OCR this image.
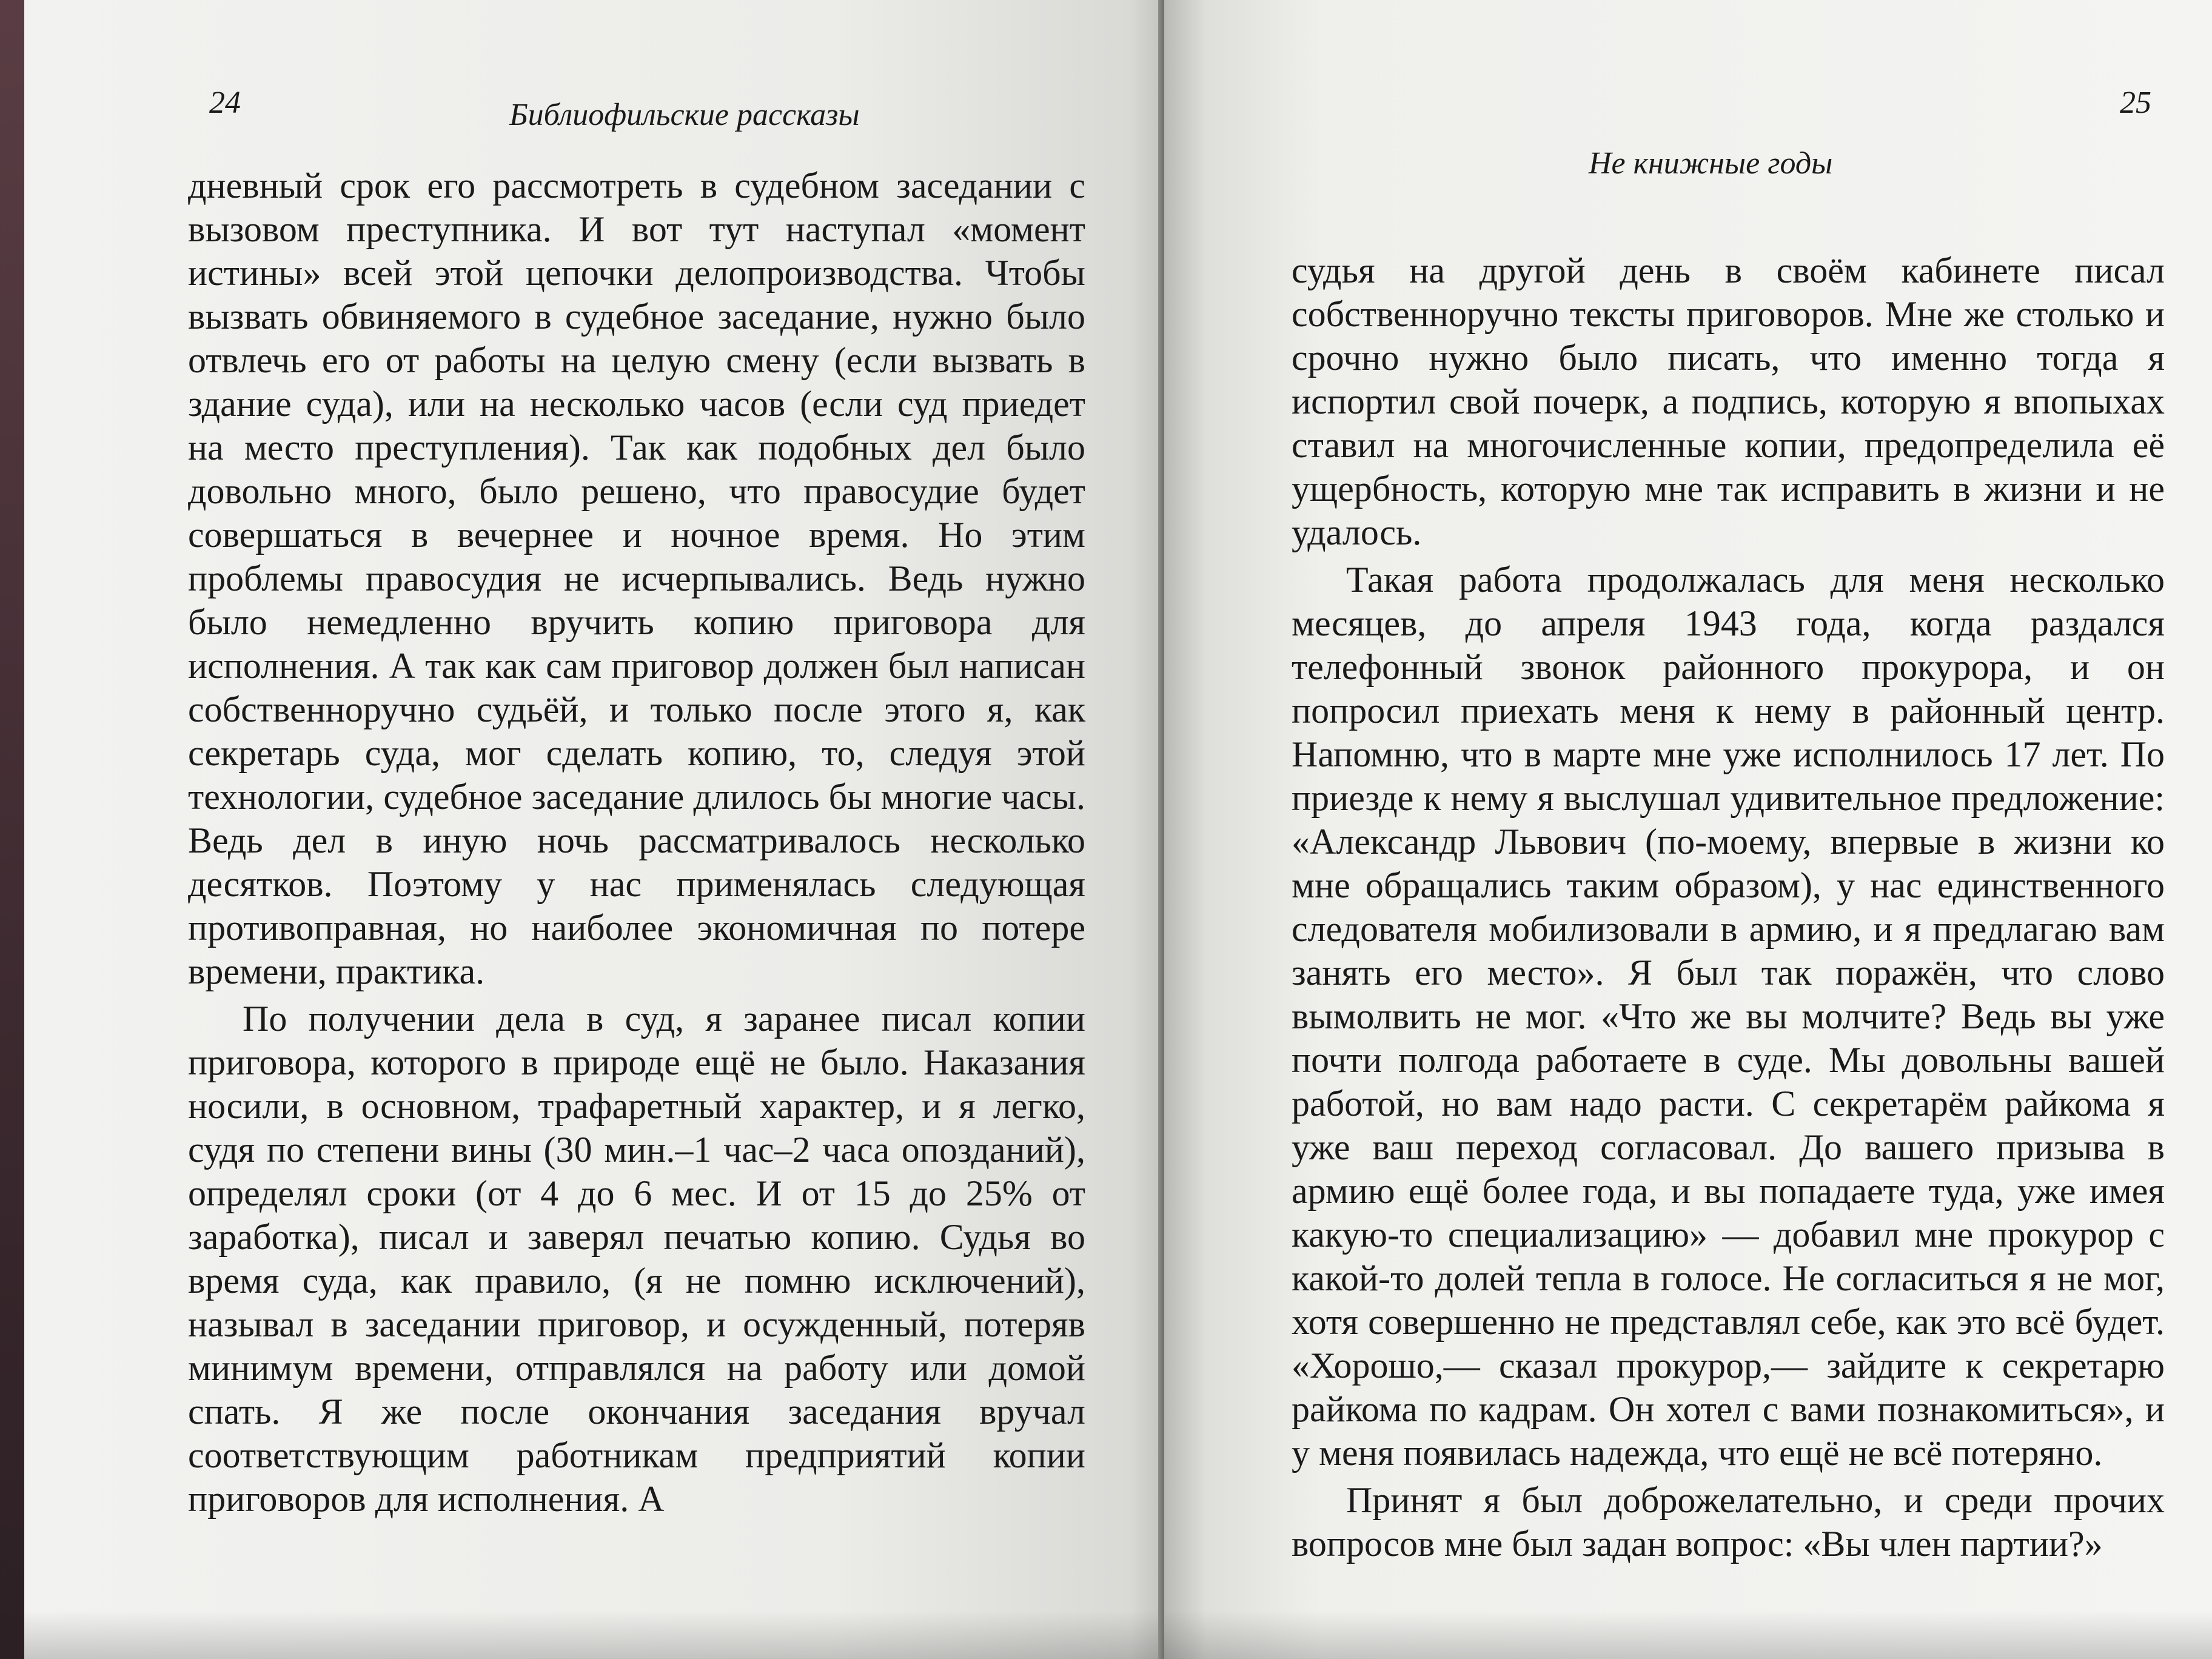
24	Библиофильские рассказы

дневный срок его рассмотреть в судебном заседании с вызовом преступника. И вот тут наступал «момент истины» всей этой цепочки делопроизводства. Чтобы вызвать обвиняемого в судебное заседание, нужно было отвлечь его от работы на целую смену (если вызвать в здание суда), или на несколько часов (если суд приедет на место преступления). Так как подобных дел было довольно много, было решено, что правосудие будет совершаться в вечернее и ночное время. Но этим проблемы правосудия не исчерпывались. Ведь нужно было немедленно вручить копию приговора для исполнения. А так как сам приговор должен был написан собственноручно судьёй, и только после этого я, как секретарь суда, мог сделать копию, то, следуя этой технологии, судебное заседание длилось бы многие часы. Ведь дел в иную ночь рассматривалось несколько десятков. Поэтому у нас применялась следующая противоправная, но наиболее экономичная по потере времени, практика.

По получении дела в суд, я заранее писал копии приговора, которого в природе ещё не было. Наказания носили, в основном, трафаретный характер, и я легко, судя по степени вины (30 мин.–1 час–2 часа опозданий), определял сроки (от 4 до 6 мес. И от 15 до 25% от заработка), писал и заверял печатью копию. Судья во время суда, как правило, (я не помню исключений), называл в заседании приговор, и осужденный, потеряв минимум времени, отправлялся на работу или домой спать. Я же после окончания заседания вручал соответствующим работникам предприятий копии приговоров для исполнения. А

25
Не книжные годы

судья на другой день в своём кабинете писал собственноручно тексты приговоров. Мне же столько и срочно нужно было писать, что именно тогда я испортил свой почерк, а подпись, которую я впопыхах ставил на многочисленные копии, предопределила её ущербность, которую мне так исправить в жизни и не удалось.

Такая работа продолжалась для меня несколько месяцев, до апреля 1943 года, когда раздался телефонный звонок районного прокурора, и он попросил приехать меня к нему в районный центр. Напомню, что в марте мне уже исполнилось 17 лет. По приезде к нему я выслушал удивительное предложение: «Александр Львович (по-моему, впервые в жизни ко мне обращались таким образом), у нас единственного следователя мобилизовали в армию, и я предлагаю вам занять его место». Я был так поражён, что слово вымолвить не мог. «Что же вы молчите? Ведь вы уже почти полгода работаете в суде. Мы довольны вашей работой, но вам надо расти. С секретарём райкома я уже ваш переход согласовал. До вашего призыва в армию ещё более года, и вы попадаете туда, уже имея какую-то специализацию» — добавил мне прокурор с какой-то долей тепла в голосе. Не согласиться я не мог, хотя совершенно не представлял себе, как это всё будет. «Хорошо,— сказал прокурор,— зайдите к секретарю райкома по кадрам. Он хотел с вами познакомиться», и у меня появилась надежда, что ещё не всё потеряно.

Принят я был доброжелательно, и среди прочих вопросов мне был задан вопрос: «Вы член партии?»
